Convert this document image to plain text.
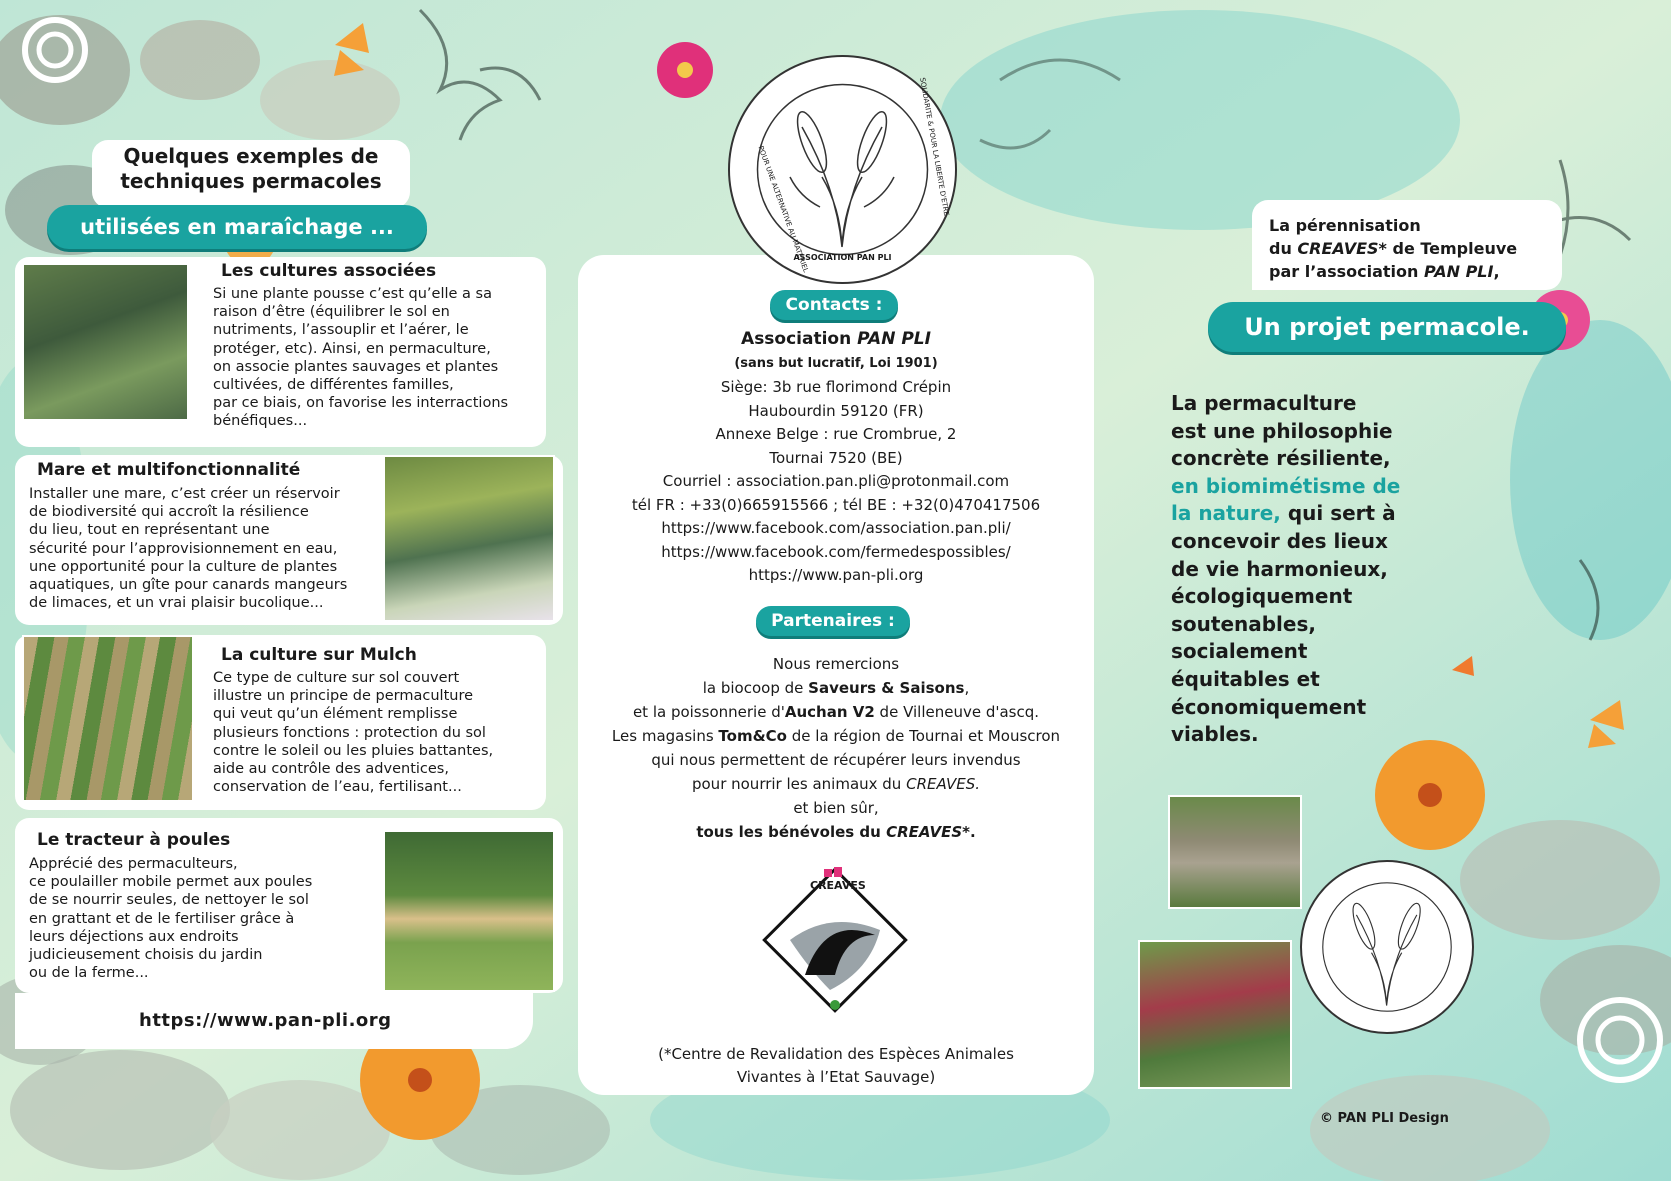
Quelques exemples de
techniques permacoles
utilisées en maraîchage ...
Les cultures associées

Si une plante pousse c’est qu’elle a sa

raison d’être (équilibrer le sol en

nutriments, l’assouplir et l’aérer, le

protéger, etc). Ainsi, en permaculture,

on associe plantes sauvages et plantes

cultivées, de différentes familles,

par ce biais, on favorise les interractions

bénéfiques...

Mare et multifonctionnalité

Installer une mare, c’est créer un réservoir

de biodiversité qui accroît la résilience

du lieu, tout en représentant une

sécurité pour l’approvisionnement en eau,

une opportunité pour la culture de plantes

aquatiques, un gîte pour canards mangeurs

de limaces, et un vrai plaisir bucolique...

La culture sur Mulch

Ce type de culture sur sol couvert

illustre un principe de permaculture

qui veut qu’un élément remplisse

plusieurs fonctions : protection du sol

contre le soleil ou les pluies battantes,

aide au contrôle des adventices,

conservation de l’eau, fertilisant...

Le tracteur à poules

Apprécié des permaculteurs,

ce poulailler mobile permet aux poules

de se nourrir seules, de nettoyer le sol

en grattant et de le fertiliser grâce à

leurs déjections aux endroits

judicieusement choisis du jardin

ou de la ferme...

https://www.pan-pli.org
POUR UNE ALTERNATIVE AU MATERIEL	SOLIDARITE & POUR LA LIBERTE D'ETRE
ASSOCIATION PAN PLI
Contacts :
Association PAN PLI
(sans but lucratif, Loi 1901)
Siège: 3b rue florimond Crépin
Haubourdin 59120 (FR)
Annexe Belge : rue Crombrue, 2
Tournai 7520 (BE)
Courriel : association.pan.pli@protonmail.com
tél FR : +33(0)665915566 ; tél BE : +32(0)470417506
https://www.facebook.com/association.pan.pli/
https://www.facebook.com/fermedespossibles/
https://www.pan-pli.org
Partenaires :
Nous remercions
la biocoop de Saveurs & Saisons,
et la poissonnerie d'Auchan V2 de Villeneuve d'ascq.
Les magasins Tom&Co de la région de Tournai et Mouscron
qui nous permettent de récupérer leurs invendus
pour nourrir les animaux du CREAVES.
et bien sûr,
tous les bénévoles du CREAVES*.
CREAVES
(*Centre de Revalidation des Espèces Animales
Vivantes à l’Etat Sauvage)
La pérennisation
du CREAVES* de Templeuve
par l’association PAN PLI,
Un projet permacole.
La permaculture
est une philosophie
concrète résiliente,
en biomimétisme de
la nature, qui sert à
concevoir des lieux
de vie harmonieux,
écologiquement
soutenables,
socialement
équitables et
économiquement
viables.
© PAN PLI Design
